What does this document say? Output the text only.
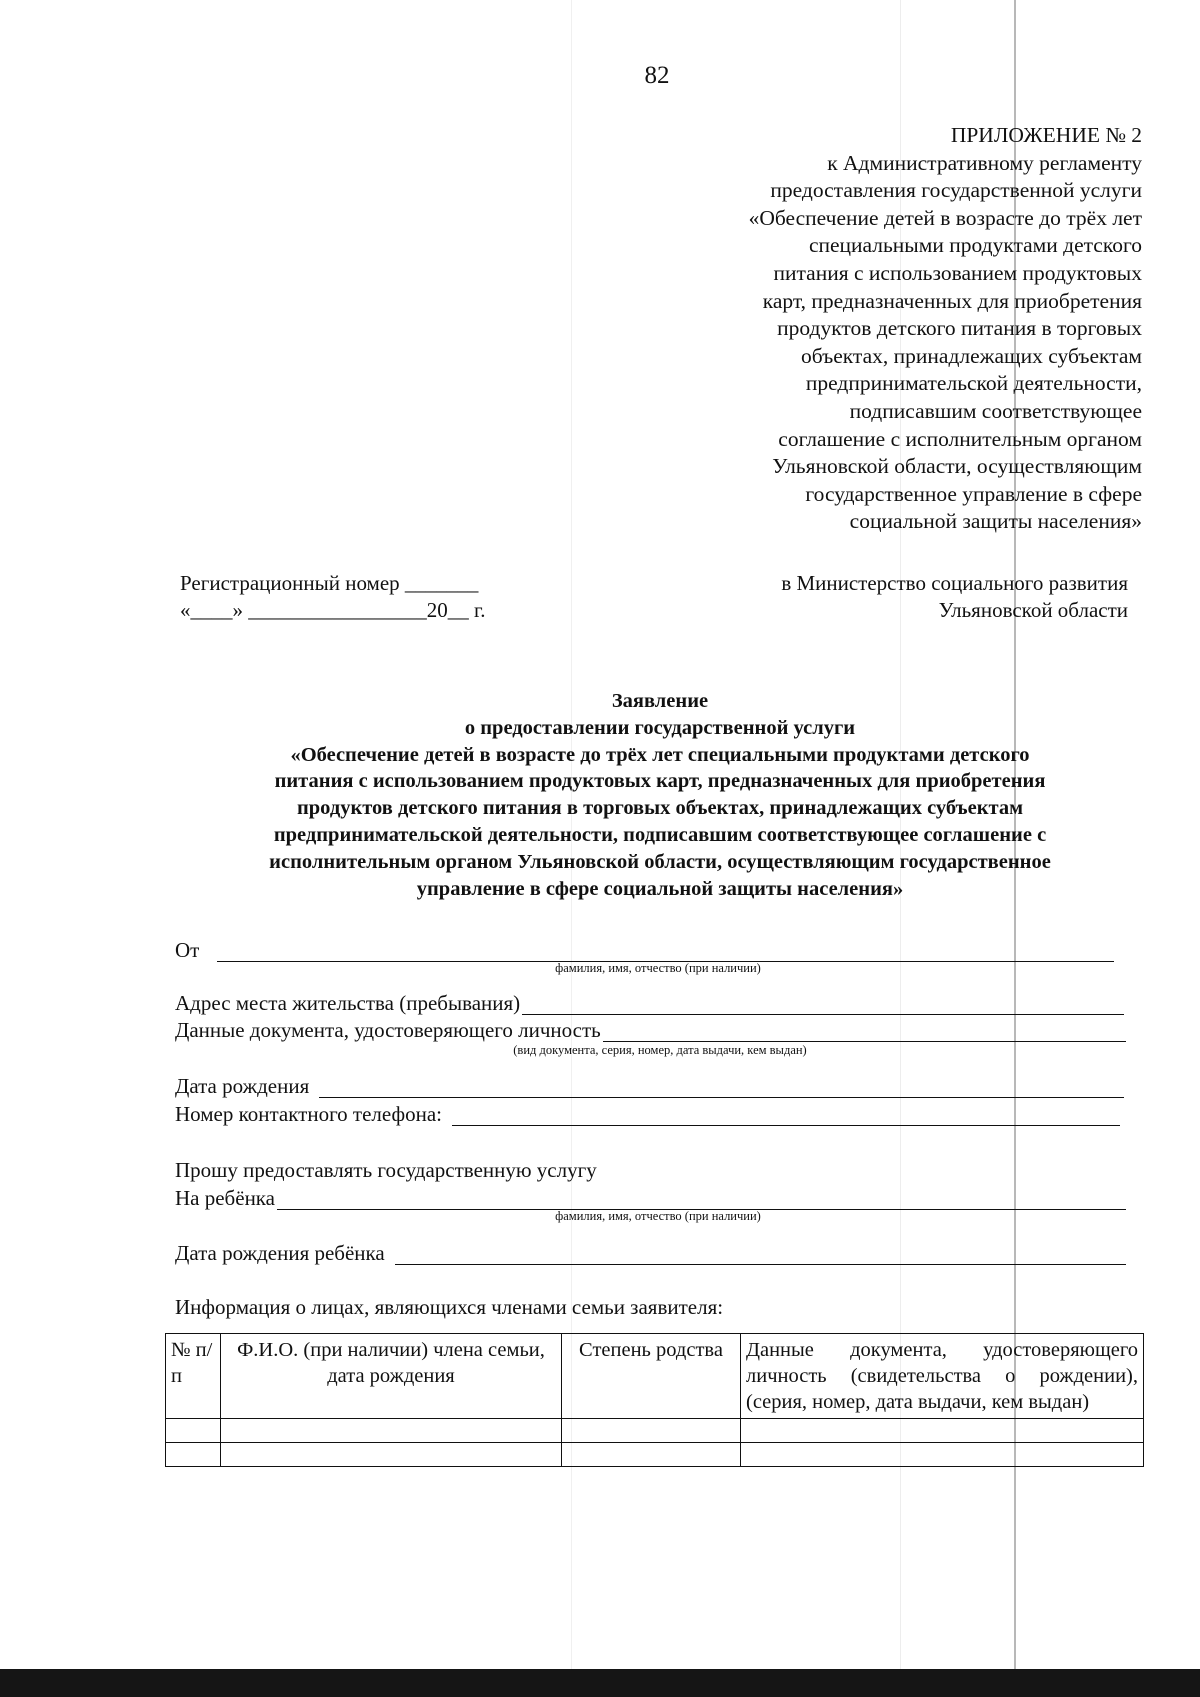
82
ПРИЛОЖЕНИЕ № 2
к Административному регламенту
предоставления государственной услуги
«Обеспечение детей в возрасте до трёх лет
специальными продуктами детского
питания с использованием продуктовых
карт, предназначенных для приобретения
продуктов детского питания в торговых
объектах, принадлежащих субъектам
предпринимательской деятельности,
подписавшим соответствующее
соглашение с исполнительным органом
Ульяновской области, осуществляющим
государственное управление в сфере
социальной защиты населения»
Регистрационный номер _______
«____» _________________20__ г.
в Министерство социального развития
Ульяновской области
Заявление
о предоставлении государственной услуги
«Обеспечение детей в возрасте до трёх лет специальными продуктами детского
питания с использованием продуктовых карт, предназначенных для приобретения
продуктов детского питания в торговых объектах, принадлежащих субъектам
предпринимательской деятельности, подписавшим соответствующее соглашение с
исполнительным органом Ульяновской области, осуществляющим государственное
управление в сфере социальной защиты населения»
От
фамилия, имя, отчество (при наличии)
Адрес места жительства (пребывания)
Данные документа, удостоверяющего личность
(вид документа, серия, номер, дата выдачи, кем выдан)
Дата рождения
Номер контактного телефона:
Прошу предоставлять государственную услугу
На ребёнка
фамилия, имя, отчество (при наличии)
Дата рождения ребёнка
Информация о лицах, являющихся членами семьи заявителя:
№ п/п	Ф.И.О. (при наличии) члена семьи, дата рождения	Степень родства	Данные документа, удостоверяющего личность (свидетельства о рождении), (серия, номер, дата выдачи, кем выдан)
